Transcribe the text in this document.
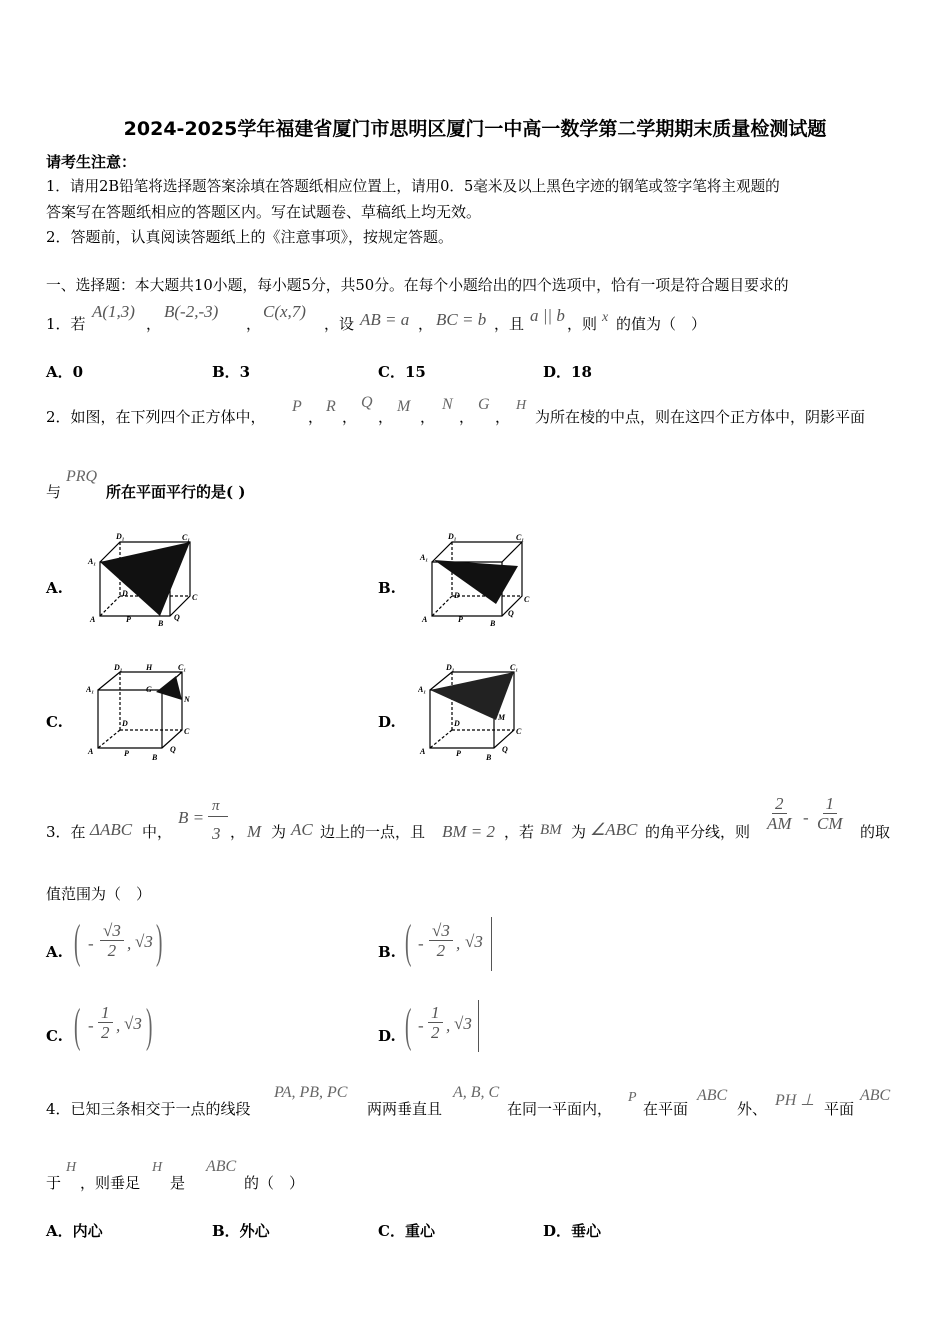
2024-2025学年福建省厦门市思明区厦门一中高一数学第二学期期末质量检测试题
请考生注意：
1．请用2B铅笔将选择题答案涂填在答题纸相应位置上，请用0．5毫米及以上黑色字迹的钢笔或签字笔将主观题的
答案写在答题纸相应的答题区内。写在试题卷、草稿纸上均无效。
2．答题前，认真阅读答题纸上的《注意事项》，按规定答题。
一、选择题：本大题共10小题，每小题5分，共50分。在每个小题给出的四个选项中，恰有一项是符合题目要求的
1．若
A(1,3)
，
B(-2,-3)
，
C(x,7)
，设 AB = a ， BC = b ，且 a || b ，则 x 的值为（　）
A．0	B．3	C．15	D．18
2．如图，在下列四个正方体中，
P
，
R
，
Q
，
M
，
N
，
G
，
H
为所在棱的中点，则在这四个正方体中，阴影平面
与
PRQ
所在平面平行的是( )
A.	B.
C.	D.
A₁
D₁	C₁
C
A	P	B
Q
D
A₁
D₁	C₁
C
A	P	B
Q
D
A₁
D₁	H	C₁
N
C
A	P	B
Q
D
G	A₁
D₁	C₁
M
C
A	P	B
Q
D
3．在 ΔABC 中，
B =
π
3 ， M 为 AC 边上的一点，且 BM = 2 ，若 BM 为 ∠ABC 的角平分线，则 $\frac{2}{AM} - \frac{1}{CM}$ 的取
值范围为（　）
A. ( - $\frac{√3}{2}$ , √3 )	B. ( - $\frac{√3}{2}$ , √3
C. ( - $\frac{1}{2}$ , √3 )	D. ( - $\frac{1}{2}$ , √3
4．已知三条相交于一点的线段
PA, PB, PC
两两垂直且
A, B, C
在同一平面内，
P
在平面
ABC
外、 PH ⊥ 平面
ABC
于
H
，则垂足
H
是
ABC
的（　）
A．内心	B．外心	C．重心	D．垂心
